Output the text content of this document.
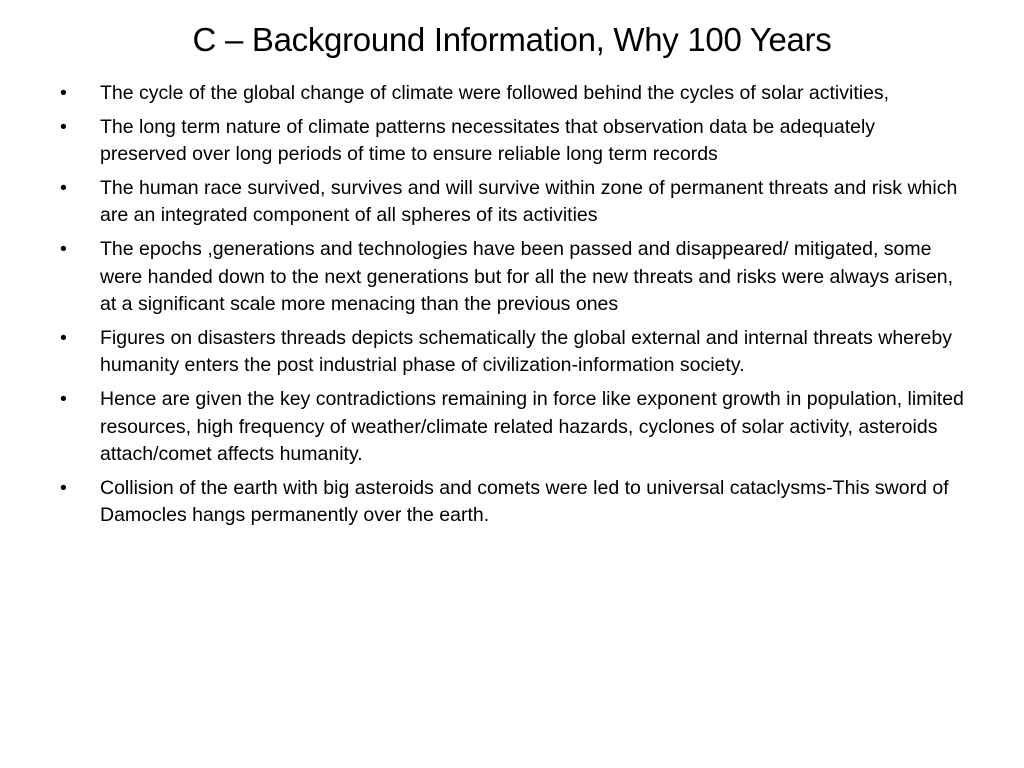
C – Background Information, Why 100 Years
•	The cycle of the global change of climate were followed behind the cycles of solar activities,
•	The long term nature of climate patterns necessitates that observation data be adequately preserved over long periods of time to ensure reliable long term records
•	The human race survived, survives and will survive within zone of permanent threats and risk which are an integrated component of all spheres of its activities
•	The epochs ,generations and technologies have been passed and disappeared/ mitigated, some were handed down to the next generations but for all the new threats and risks were always arisen, at a significant scale more menacing than the previous ones
•	Figures on disasters threads depicts schematically the global external and internal threats whereby humanity enters the post industrial phase of civilization-information society.
•	Hence are given the key contradictions remaining in force like exponent growth in population, limited resources, high frequency of weather/climate related hazards, cyclones of solar activity, asteroids attach/comet affects humanity.
•	Collision of the earth with big asteroids and comets were led to universal cataclysms-This sword of Damocles hangs permanently over the earth.
